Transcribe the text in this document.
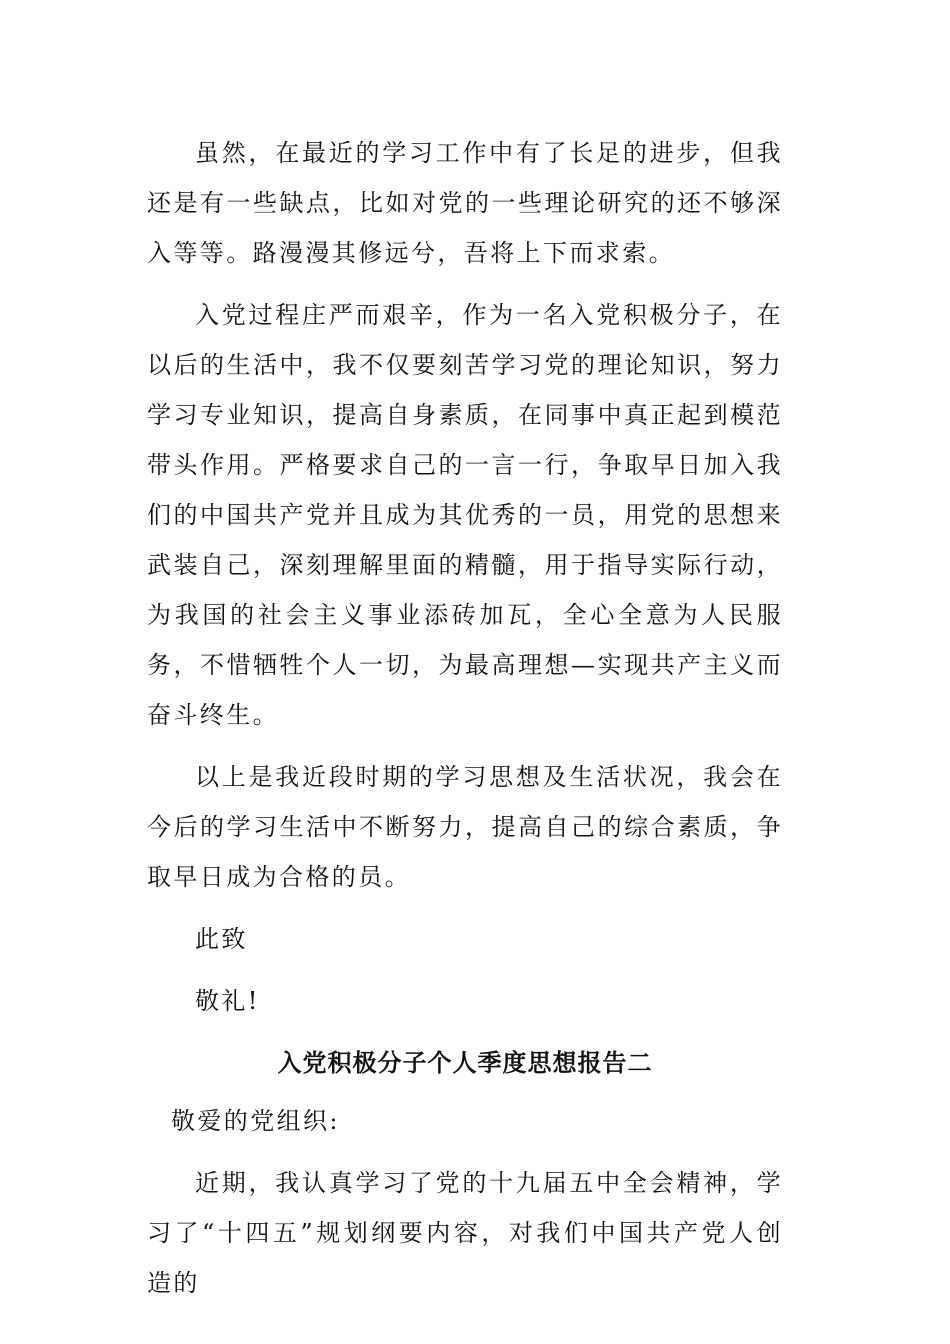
虽然，在最近的学习工作中有了长足的进步，但我还是有一些缺点，比如对党的一些理论研究的还不够深入等等。路漫漫其修远兮，吾将上下而求索。

入党过程庄严而艰辛，作为一名入党积极分子，在以后的生活中，我不仅要刻苦学习党的理论知识，努力学习专业知识，提高自身素质，在同事中真正起到模范带头作用。严格要求自己的一言一行，争取早日加入我们的中国共产党并且成为其优秀的一员，用党的思想来武装自己，深刻理解里面的精髓，用于指导实际行动，为我国的社会主义事业添砖加瓦，全心全意为人民服务，不惜牺牲个人一切，为最高理想—实现共产主义而奋斗终生。

以上是我近段时期的学习思想及生活状况，我会在今后的学习生活中不断努力，提高自己的综合素质，争取早日成为合格的员。

此致

敬礼!

入党积极分子个人季度思想报告二

敬爱的党组织:

近期，我认真学习了党的十九届五中全会精神，学习了“十四五”规划纲要内容，对我们中国共产党人创造的
